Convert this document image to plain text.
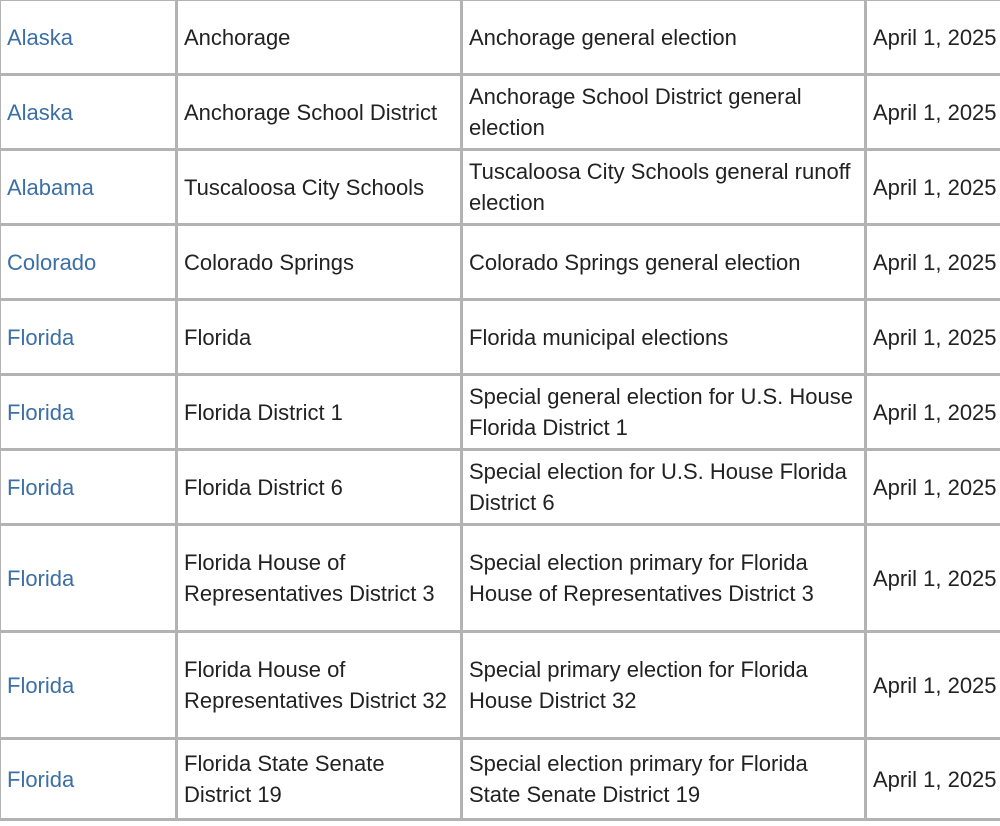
Alaska	Anchorage	Anchorage general election	April 1, 2025
Alaska	Anchorage School District	Anchorage School District general election	April 1, 2025
Alabama	Tuscaloosa City Schools	Tuscaloosa City Schools general runoff election	April 1, 2025
Colorado	Colorado Springs	Colorado Springs general election	April 1, 2025
Florida	Florida	Florida municipal elections	April 1, 2025
Florida	Florida District 1	Special general election for U.S. House Florida District 1	April 1, 2025
Florida	Florida District 6	Special election for U.S. House Florida District 6	April 1, 2025
Florida	Florida House of Representatives District 3	Special election primary for Florida House of Representatives District 3	April 1, 2025
Florida	Florida House of Representatives District 32	Special primary election for Florida House District 32	April 1, 2025
Florida	Florida State Senate District 19	Special election primary for Florida State Senate District 19	April 1, 2025
